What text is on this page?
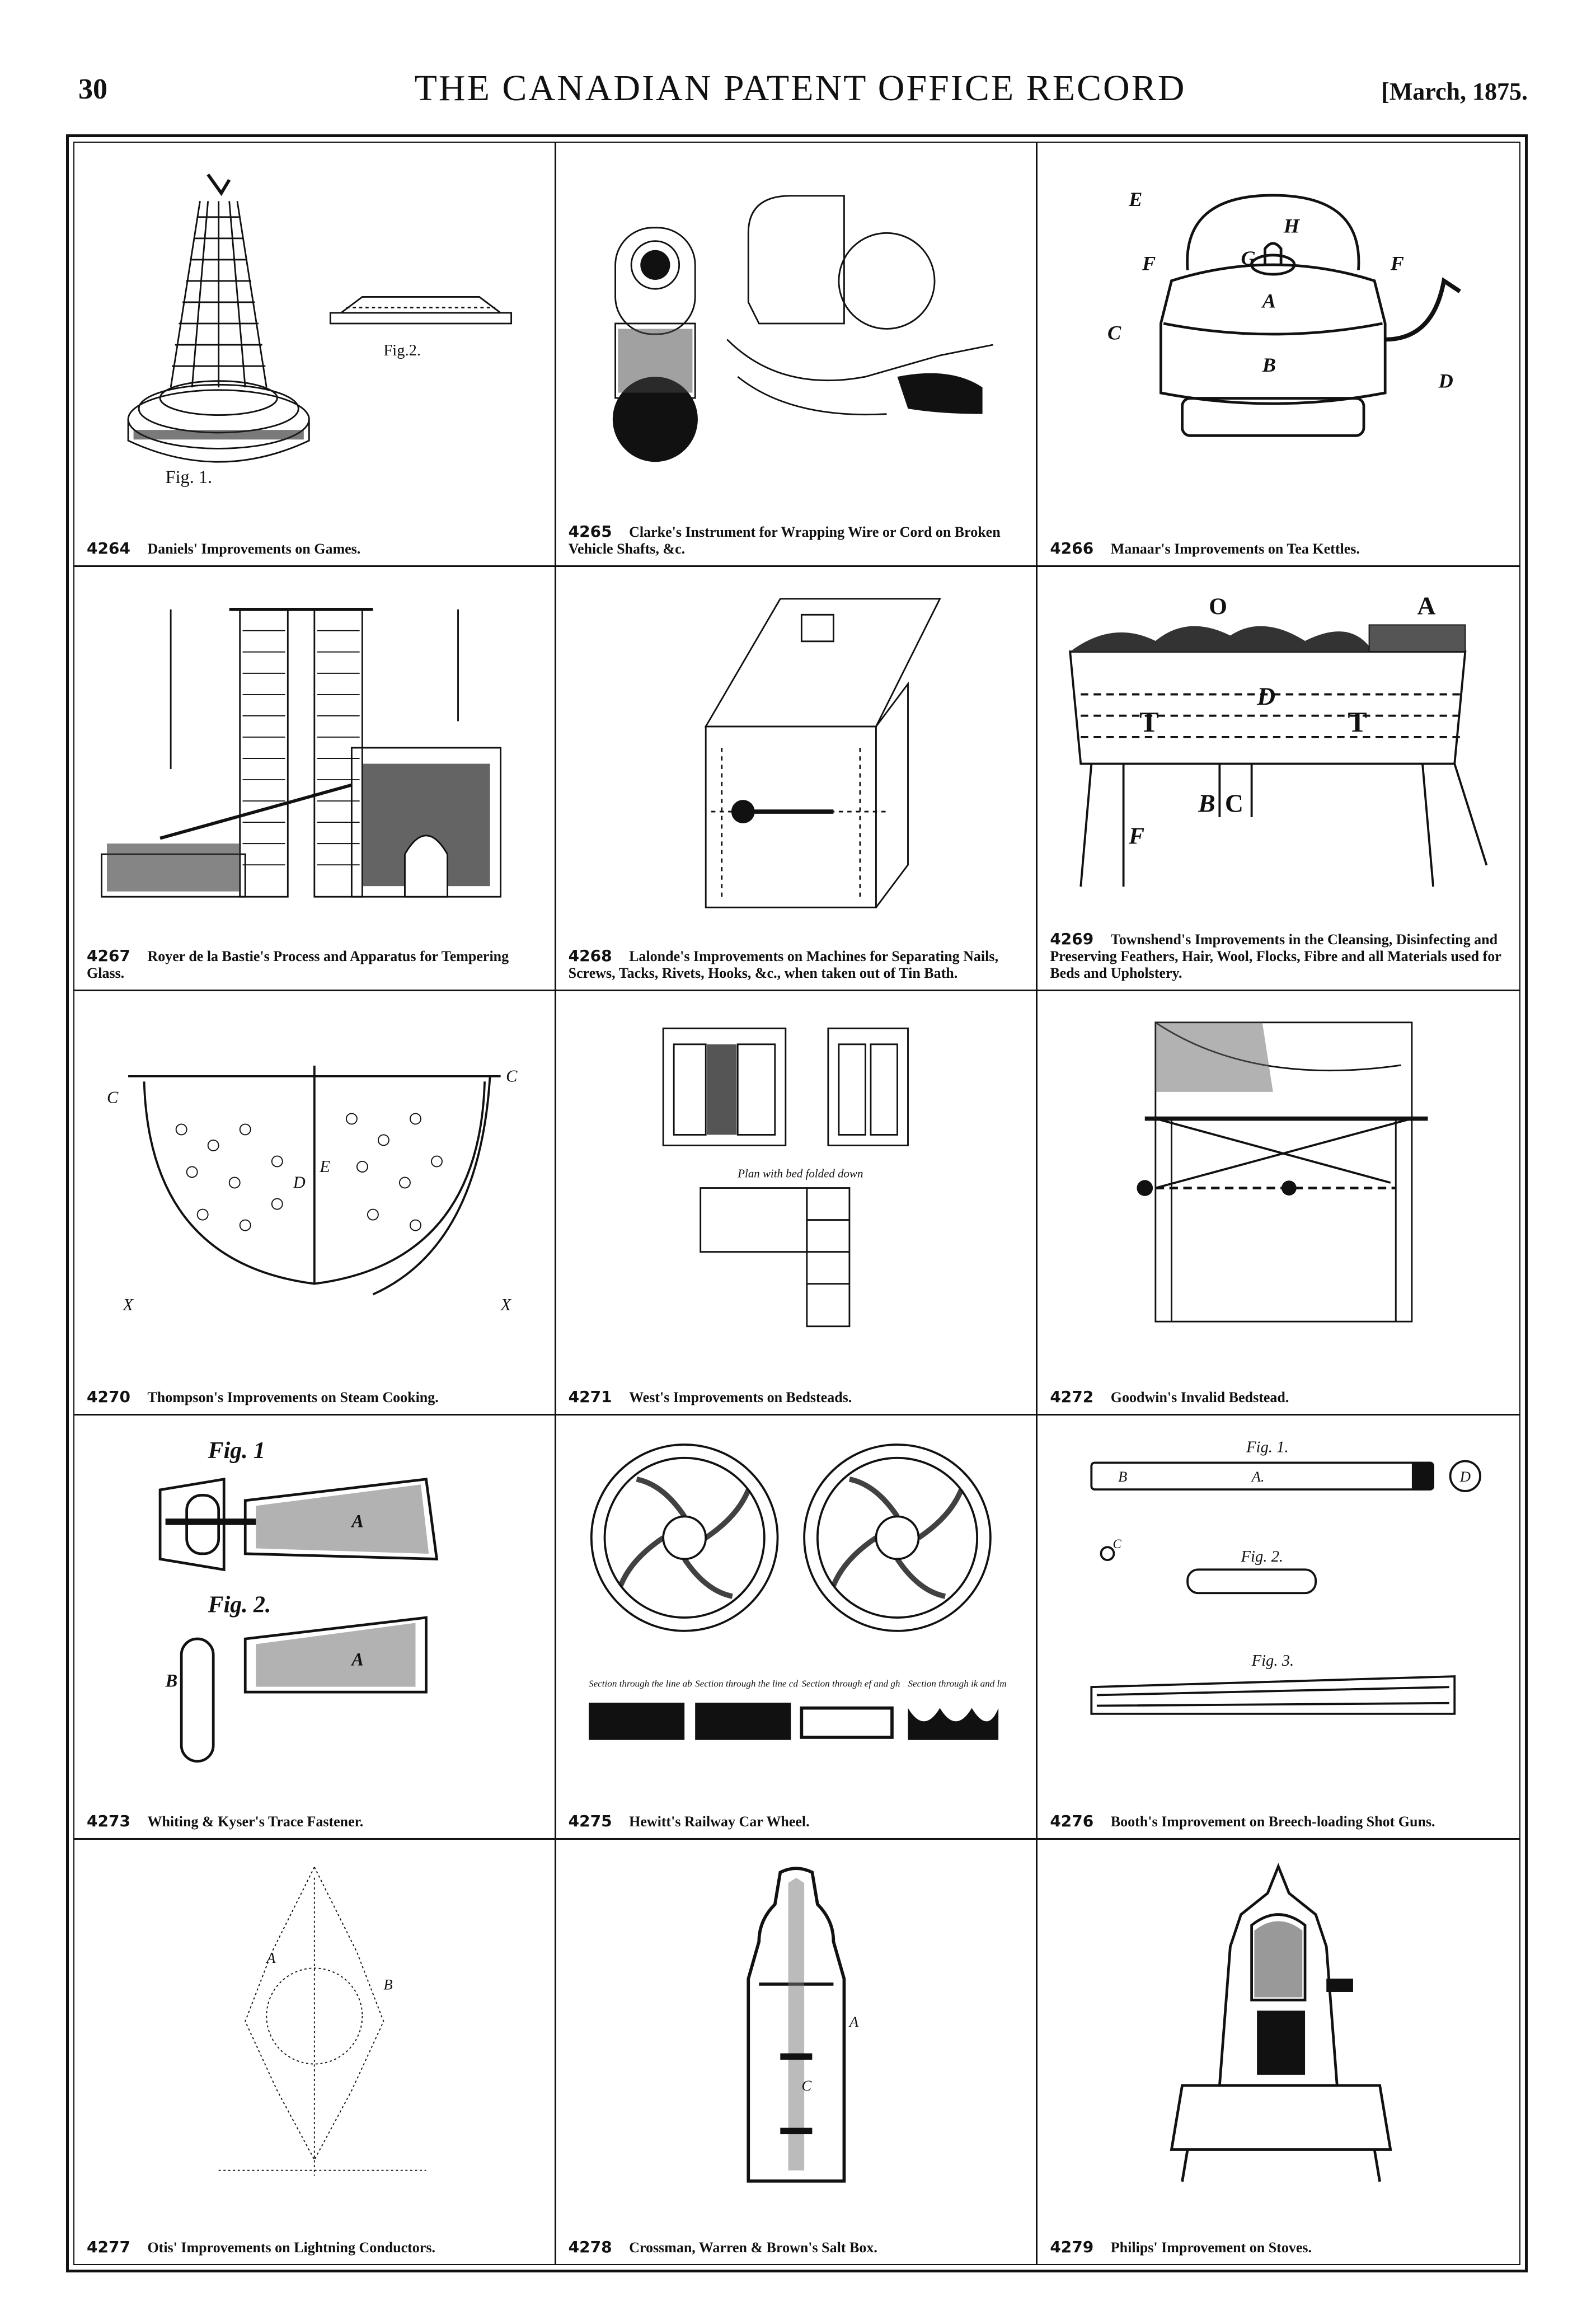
30	THE CANADIAN PATENT OFFICE RECORD	[March, 1875.
Fig. 1.
Fig.2.
4264 Daniels' Improvements on Games.
4265 Clarke's Instrument for Wrapping Wire or Cord on Broken Vehicle Shafts, &c.
E
F	F
G
H
A
C
B
D
4266 Manaar's Improvements on Tea Kettles.
4267 Royer de la Bastie's Process and Apparatus for Tempering Glass.
4268 Lalonde's Improvements on Machines for Separating Nails, Screws, Tacks, Rivets, Hooks, &c., when taken out of Tin Bath.
O	A
D
T	T
B C
F
4269 Townshend's Improvements in the Cleansing, Disinfecting and Preserving Feathers, Hair, Wool, Flocks, Fibre and all Materials used for Beds and Upholstery.
C
C
D
E
X	X
4270 Thompson's Improvements on Steam Cooking.
Plan with bed folded down
4271 West's Improvements on Bedsteads.	4272 Goodwin's Invalid Bedstead.
Fig. 1
Fig. 2.
A
B
A
4273 Whiting & Kyser's Trace Fastener.
Section through the line ab Section through the line cd Section through ef and gh Section through ik and lm
4275 Hewitt's Railway Car Wheel.
Fig. 1.
Fig. 2.
Fig. 3.
B	A.	D
C
4276 Booth's Improvement on Breech-loading Shot Guns.
A
B
4277 Otis' Improvements on Lightning Conductors.
A
C
4278 Crossman, Warren & Brown's Salt Box.	4279 Philips' Improvement on Stoves.
